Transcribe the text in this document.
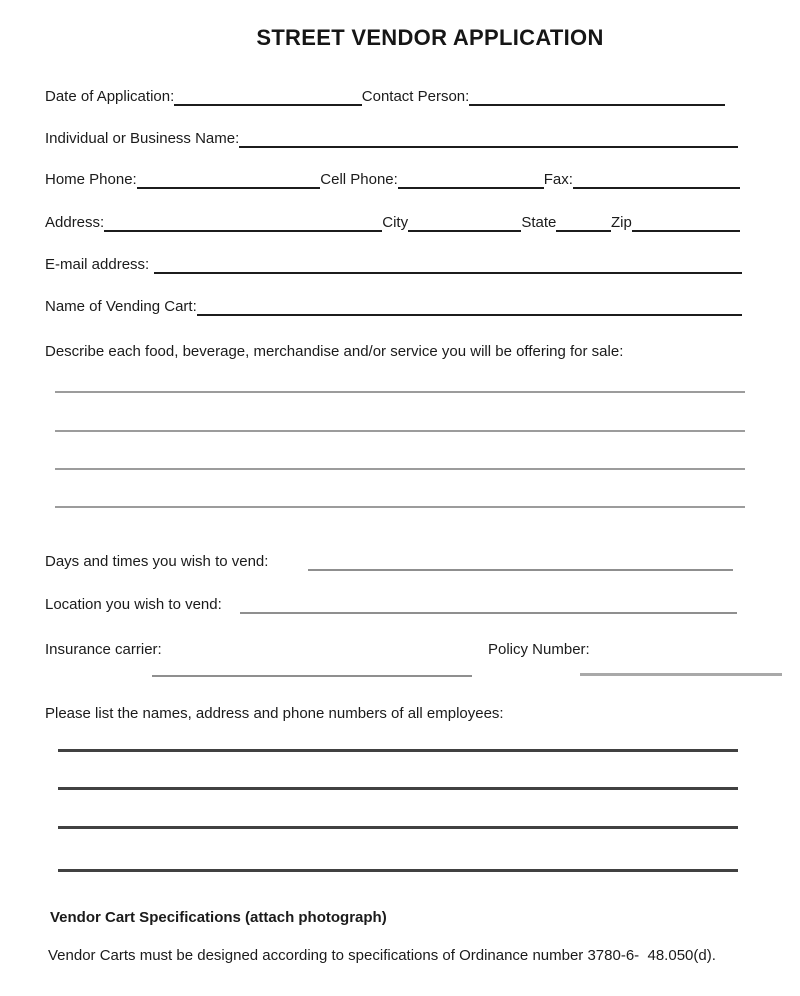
STREET VENDOR APPLICATION
Date of Application:	Contact Person:
Individual or Business Name:
Home Phone:	Cell Phone:	Fax:
Address:	City	State	Zip
E-mail address:
Name of Vending Cart:
Describe each food, beverage, merchandise and/or service you will be offering for sale:
Days and times you wish to vend:
Location you wish to vend:
Insurance carrier:	Policy Number:
Please list the names, address and phone numbers of all employees:
Vendor Cart Specifications (attach photograph)
Vendor Carts must be designed according to specifications of Ordinance number 3780-6-  48.050(d).
